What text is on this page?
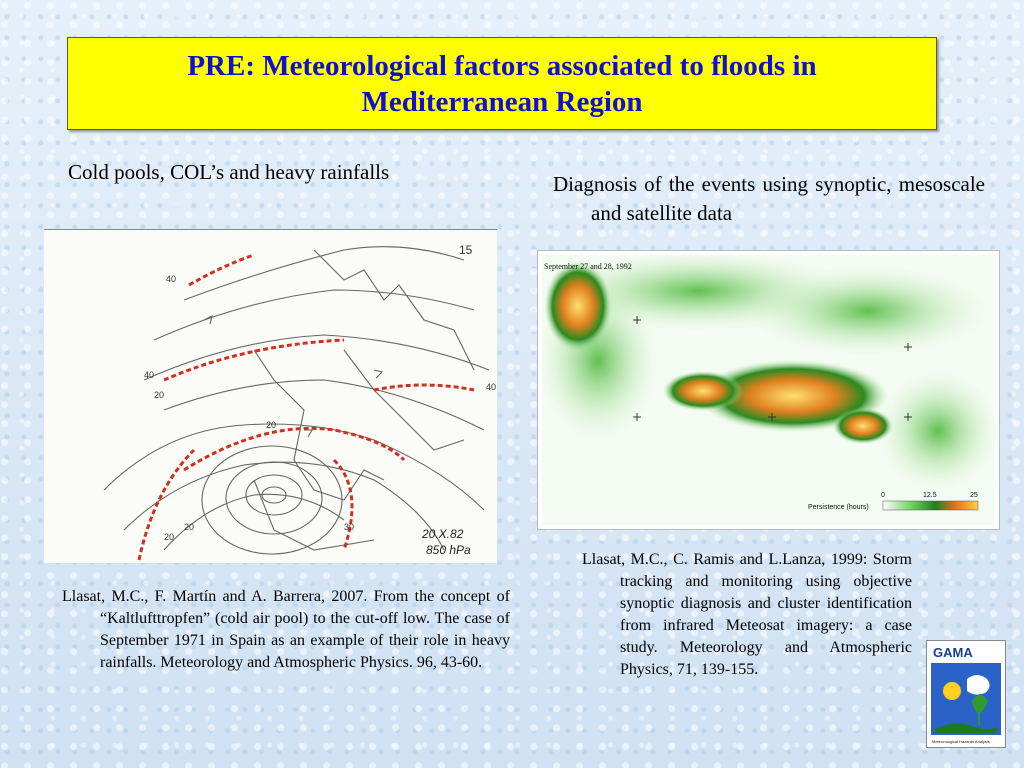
PRE: Meteorological factors associated to floods in Mediterranean Region
Cold pools, COL’s and heavy rainfalls	Diagnosis of the events using synoptic, mesoscale and satellite data
40
40
20
20
20
20
30
40
15
20.X.82
850 hPa
September 27 and 28, 1992
Persistence (hours)
0	12.5	25
Llasat, M.C., F. Martín and A. Barrera, 2007. From the concept of “Kaltlufttropfen” (cold air pool) to the cut-off low. The case of September 1971 in Spain as an example of their role in heavy rainfalls. Meteorology and Atmospheric Physics. 96, 43-60.
Llasat, M.C., C. Ramis and L.Lanza, 1999: Storm tracking and monitoring using objective synoptic diagnosis and cluster identification from infrared Meteosat imagery: a case study. Meteorology and Atmospheric Physics, 71, 139-155.
GAMA
Meteorological Hazards Analysis
